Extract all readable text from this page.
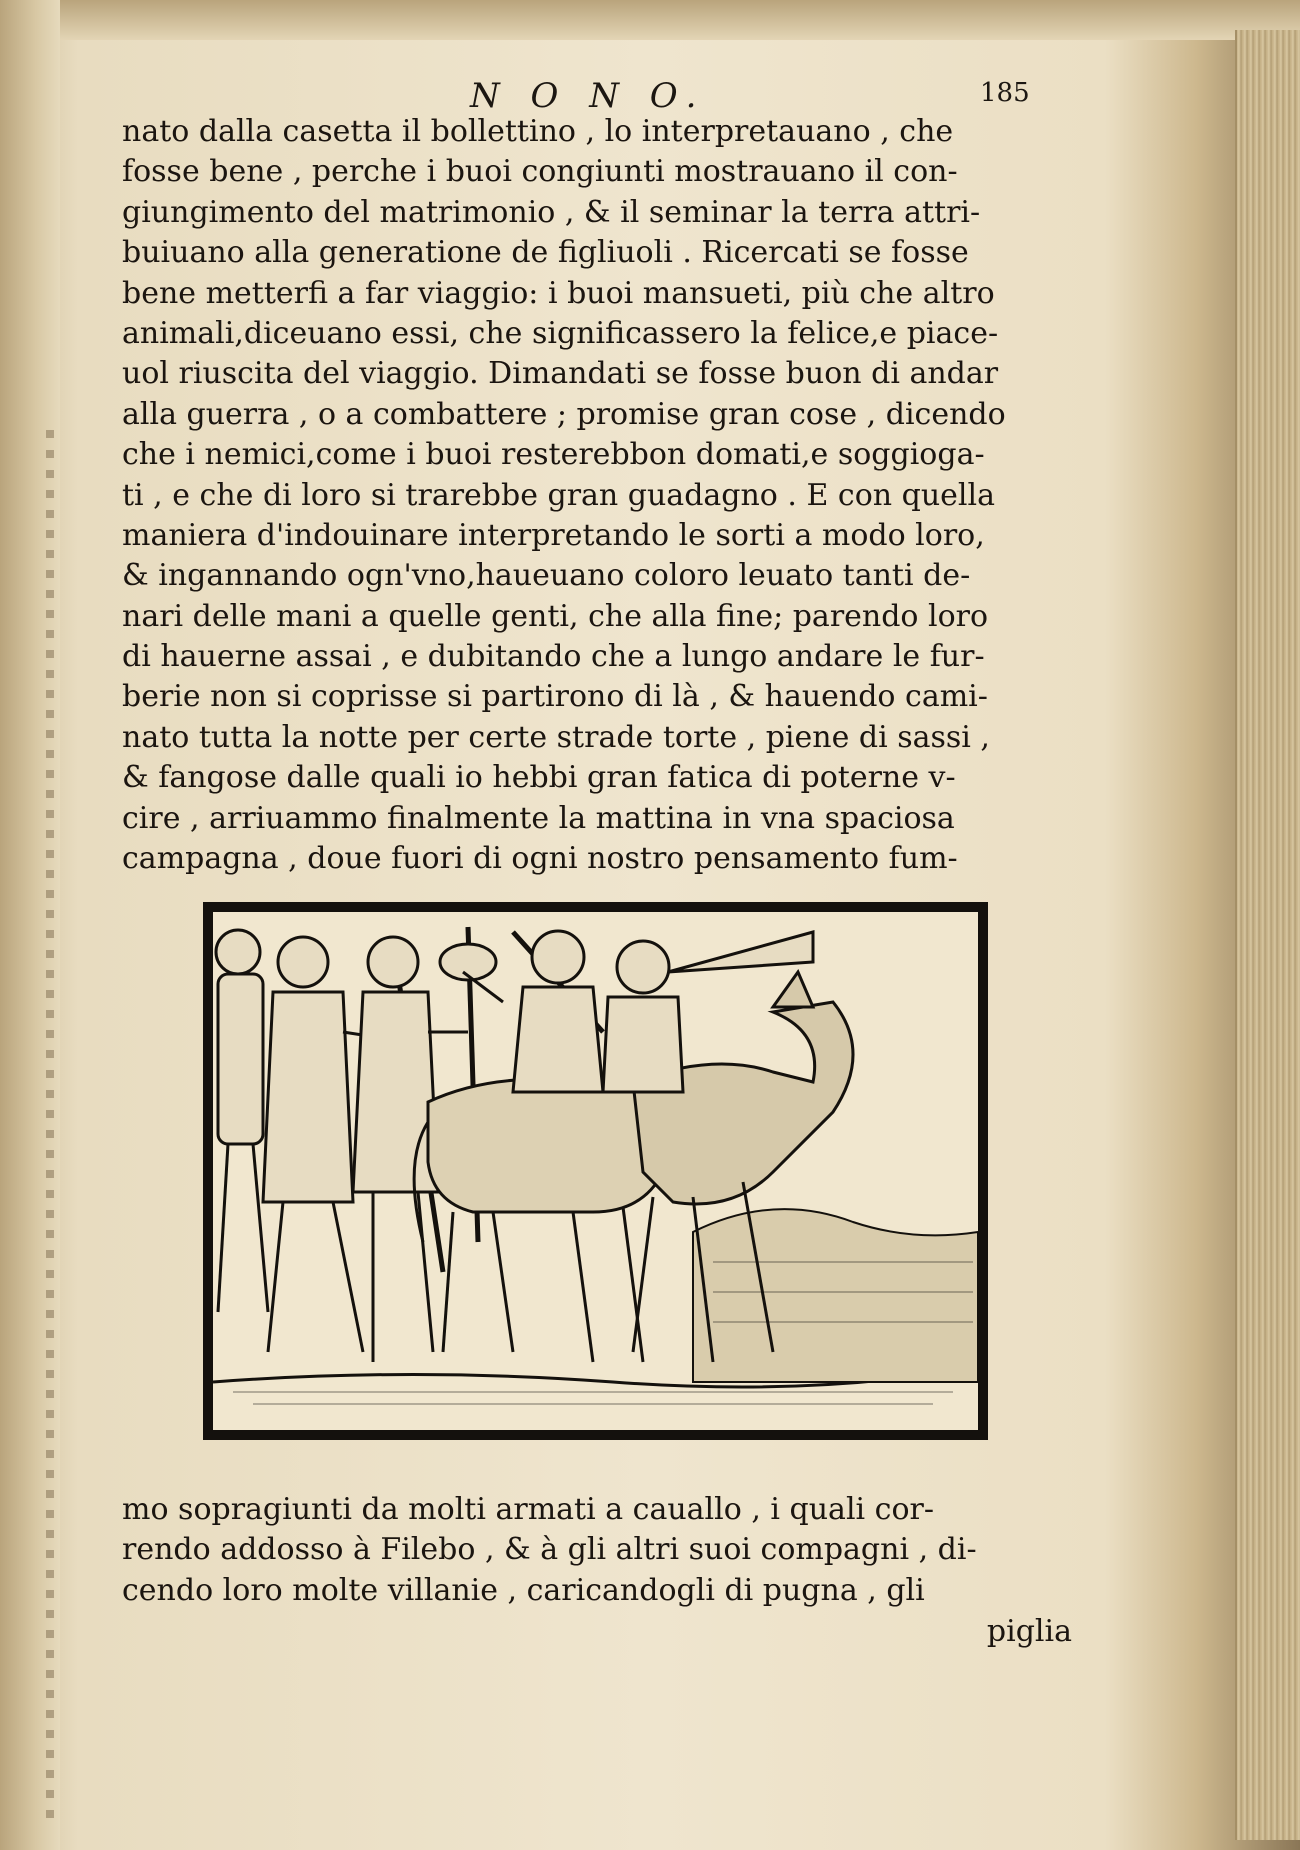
N O N O.	185
nato dalla casetta il bollettino , lo interpretauano , che
fosse bene , perche i buoi congiunti mostrauano il con-
giungimento del matrimonio , & il seminar la terra attri-
buiuano alla generatione de figliuoli . Ricercati se fosse
bene metterfi a far viaggio: i buoi mansueti, più che altro
animali,diceuano essi, che significassero la felice,e piace-
uol riuscita del viaggio. Dimandati se fosse buon di andar
alla guerra , o a combattere ; promise gran cose , dicendo
che i nemici,come i buoi resterebbon domati,e soggioga-
ti , e che di loro si trarebbe gran guadagno . E con quella
maniera d'indouinare interpretando le sorti a modo loro,
& ingannando ogn'vno,haueuano coloro leuato tanti de-
nari delle mani a quelle genti, che alla fine; parendo loro
di hauerne assai , e dubitando che a lungo andare le fur-
berie non si coprisse si partirono di là , & hauendo cami-
nato tutta la notte per certe strade torte , piene di sassi ,
& fangose dalle quali io hebbi gran fatica di poterne v-
cire , arriuammo finalmente la mattina in vna spaciosa
campagna , doue fuori di ogni nostro pensamento fum-
mo sopragiunti da molti armati a cauallo , i quali cor-
rendo addosso à Filebo , & à gli altri suoi compagni , di-
cendo loro molte villanie , caricandogli di pugna , gli
piglia
